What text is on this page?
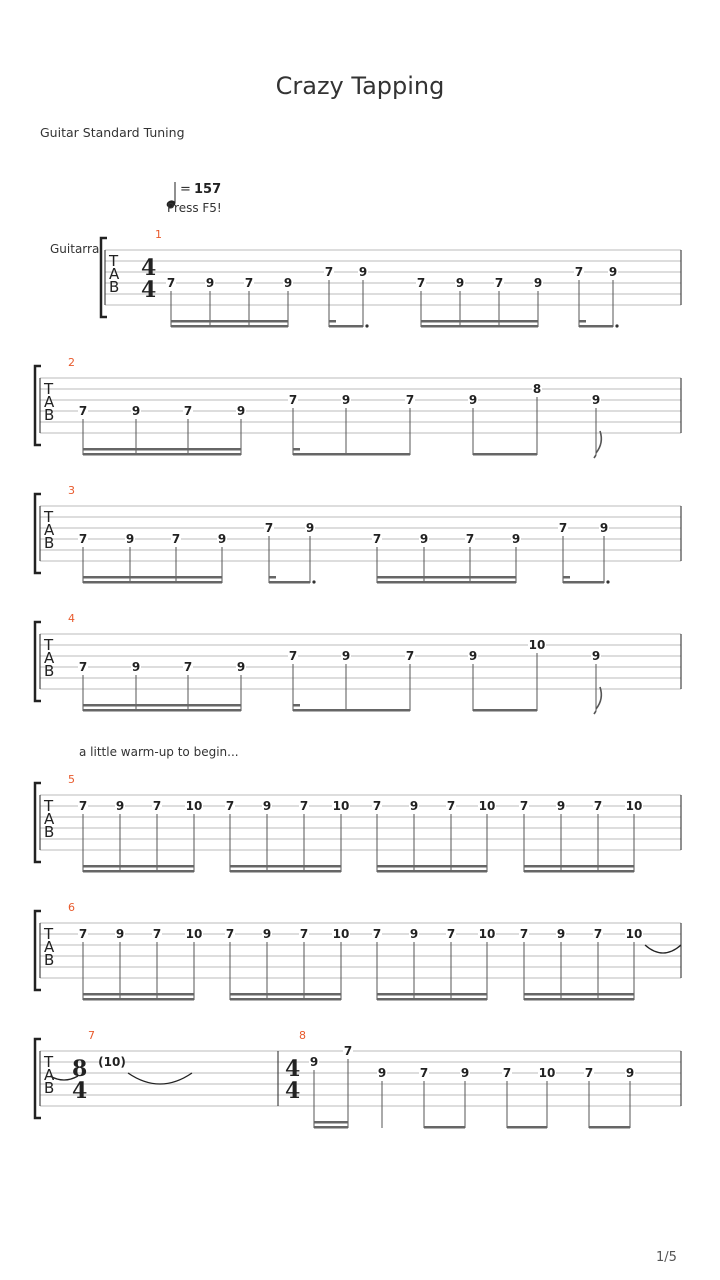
Crazy Tapping
Guitar Standard Tuning
1/5
= 157
Press F5!
Guitarra
a little warm-up to begin...
T
A
B
1
4
4 7	9	7	9
7 9
7	9	7	9
7 9
T
A
B
2
7	9	7	9
7	9	7	9
8
9
T
A
B
3
7	9	7	9
7	9
7	9	7	9
7	9
T
A
B
4
7	9	7	9
7	9	7	9
10
9
T
A
B
5
7 9 7 10 7 9 7 10 7 9 7 10 7 9 7 10
T
A
B
6
7 9 7 10 7 9 7 10 7 9 7 10 7 9 7 10
T
A
B
7
8
4
(10)
8
4
4
9
7
9	7	9	7 10 7	9
